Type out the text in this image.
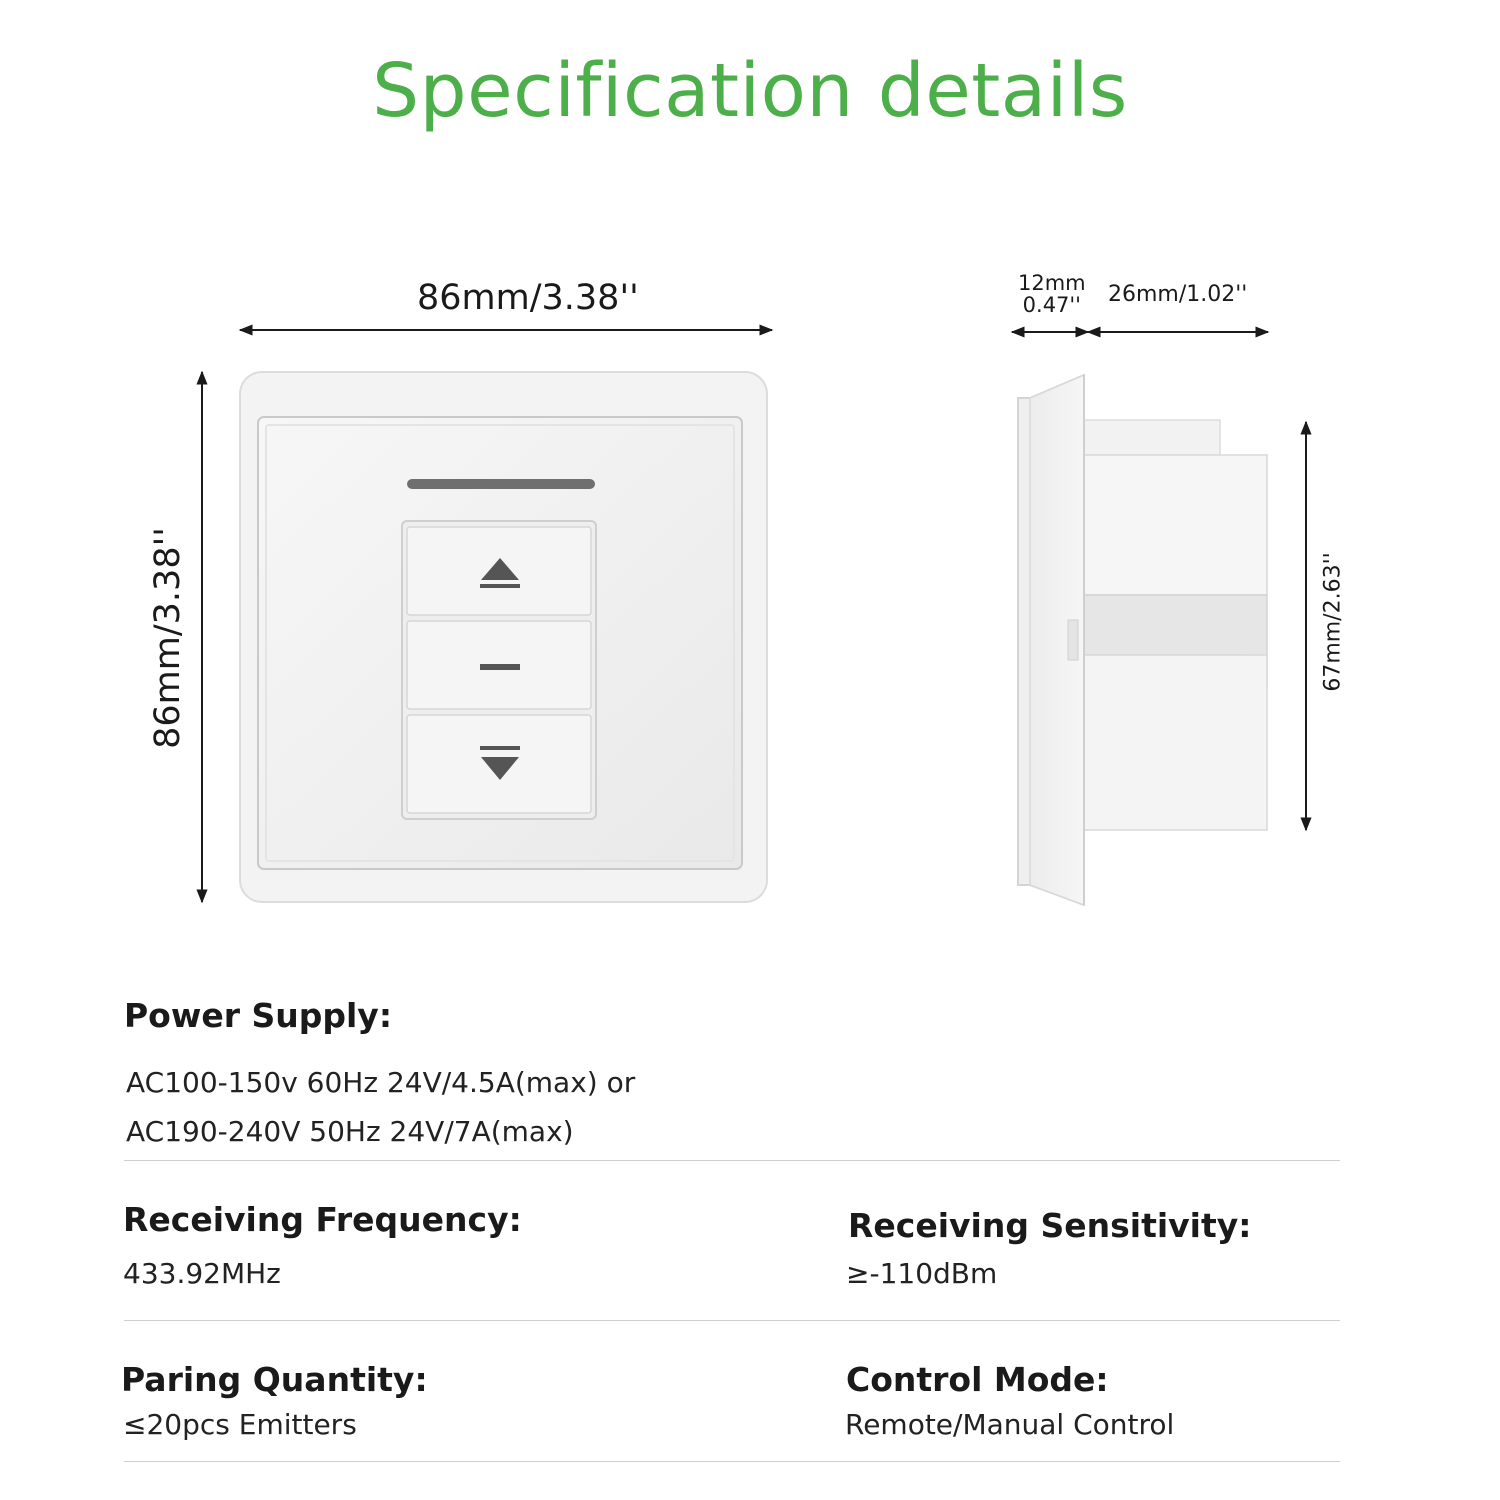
Specification details
86mm/3.38''
86mm/3.38''
12mm
0.47'' 26mm/1.02''
67mm/2.63''
Power Supply:
AC100-150v 60Hz 24V/4.5A(max) or
AC190-240V 50Hz 24V/7A(max)
Receiving Frequency:
433.92MHz
Receiving Sensitivity:
≥-110dBm
Paring Quantity:
≤20pcs Emitters
Control Mode:
Remote/Manual Control
